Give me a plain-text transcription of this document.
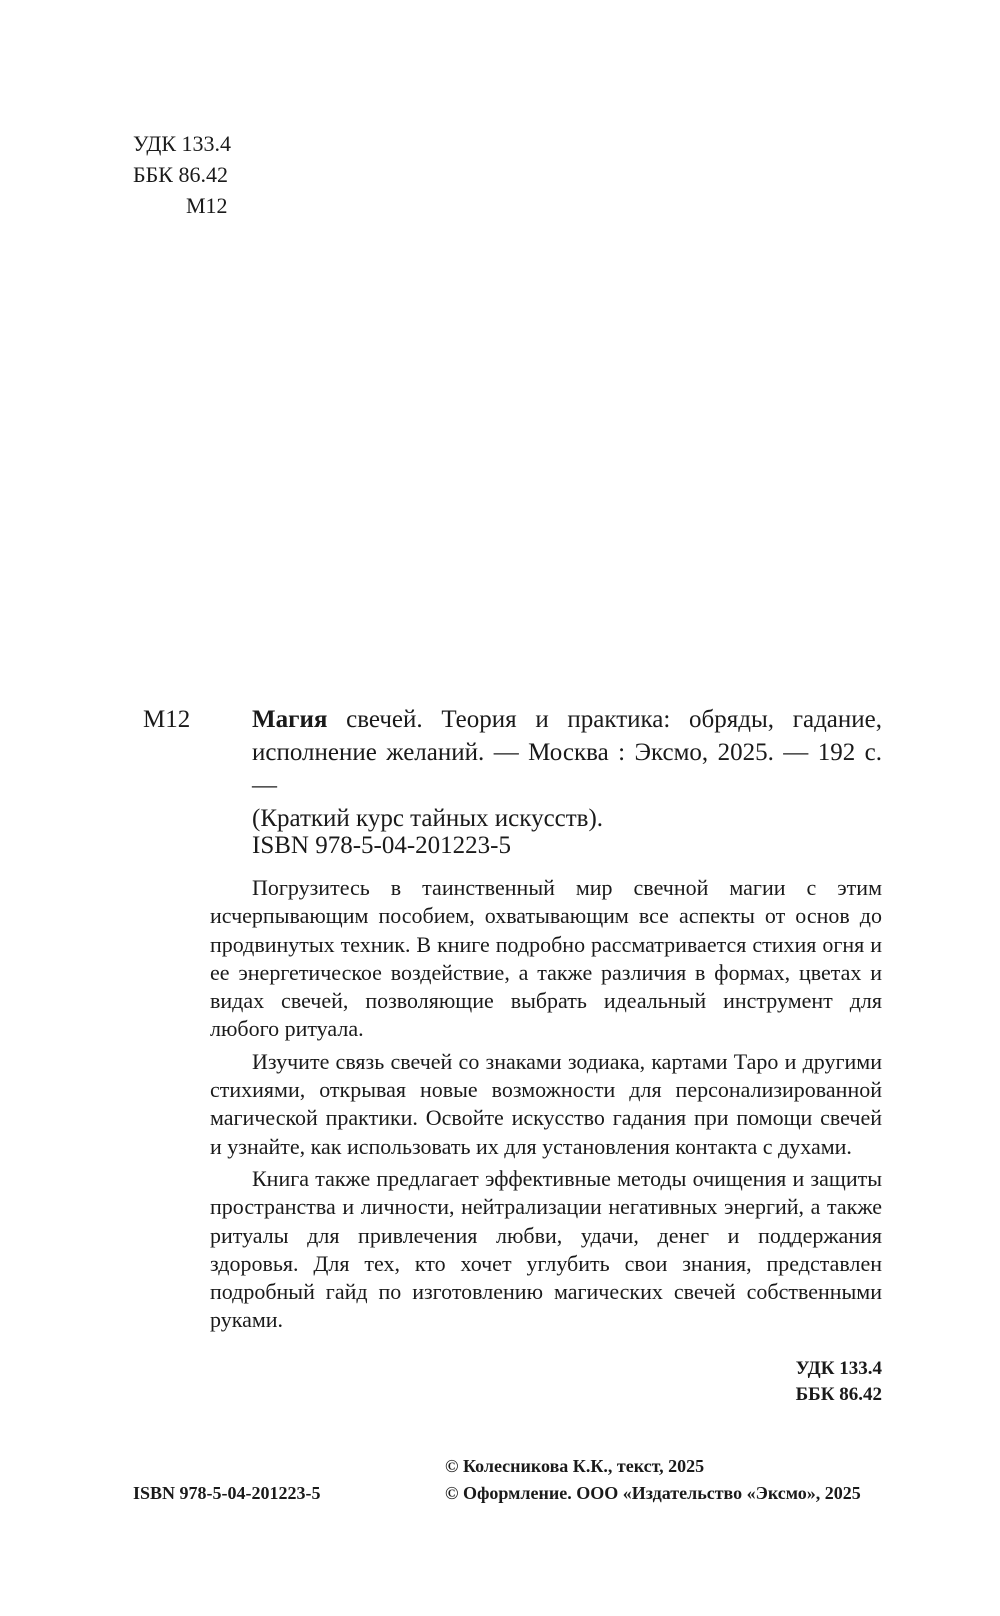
УДК 133.4
ББК 86.42
М12
М12 Магия свечей. Теория и практика: обряды, гадание,
исполнение желаний. — Москва : Эксмо, 2025. — 192 с. —
(Краткий курс тайных искусств).
ISBN 978-5-04-201223-5

Погрузитесь в таинственный мир свечной магии с этим исчерпывающим пособием, охватывающим все аспекты от основ до продвинутых техник. В книге подробно рассматривается стихия огня и ее энергетическое воздействие, а также различия в формах, цветах и видах свечей, позволяющие выбрать идеальный инструмент для любого ритуала.

Изучите связь свечей со знаками зодиака, картами Таро и другими стихиями, открывая новые возможности для персонализированной магической практики. Освойте искусство гадания при помощи свечей и узнайте, как использовать их для установления контакта с духами.

Книга также предлагает эффективные методы очищения и защиты пространства и личности, нейтрализации негативных энергий, а также ритуалы для привлечения любви, удачи, денег и поддержания здоровья. Для тех, кто хочет углубить свои знания, представлен подробный гайд по изготовлению магических свечей собственными руками.

УДК 133.4
ББК 86.42
© Колесникова К.К., текст, 2025
© Оформление. ООО «Издательство «Эксмо», 2025
ISBN 978-5-04-201223-5
